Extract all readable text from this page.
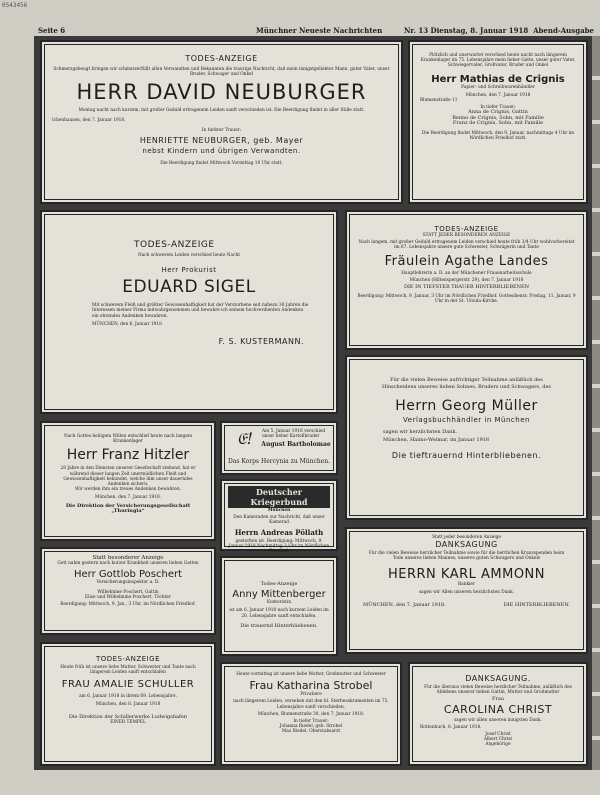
0543456
Seite 6	Münchner Neueste Nachrichten	Nr. 13 Dienstag, 8. Januar 1918 Abend-Ausgabe

TODES-ANZEIGE

Schmerzgebeugt bringen wir schmerzerfüllt allen Verwandten und Bekannten die traurige Nachricht, daß mein innigstgeliebter Mann, guter Vater, unser Bruder, Schwager und Onkel

HERR DAVID NEUBURGER

Montag nacht nach kurzem, mit großer Geduld ertragenem Leiden sanft verschieden ist. Die Beerdigung findet in aller Stille statt.

Ichenhausen, den 7. Januar 1918.

In tiefster Trauer:

HENRIETTE NEUBURGER, geb. Mayer

nebst Kindern und übrigen Verwandten.

Die Beerdigung findet Mittwoch Vormittag 10 Uhr statt.

Plötzlich und unerwartet verschied heute nacht nach längerem Krankenlager im 75. Lebensjahre mein lieber Gatte, unser guter Vater, Schwiegervater, Großvater, Bruder und Onkel

Herr Mathias de Crignis

Papier- und Schreibwarenhändler

München, den 7. Januar 1918

Blumenstraße 11

In tiefer Trauer:

Anna de Crignis, Gattin

Benno de Crignis, Sohn, mit Familie

Franz de Crignis, Sohn, mit Familie

Die Beerdigung findet Mittwoch, den 9. Januar, nachmittags 4 Uhr im Nördlichen Friedhof statt.

TODES-ANZEIGE

Nach schwerem Leiden verschied heute Nacht

Herr Prokurist

EDUARD SIGEL

Mit schwerem Fleiß und größter Gewissenhaftigkeit hat der Verstorbene seit nahezu 30 Jahren die Interessen meiner Firma mitwahrgenommen und bewahre ich seinem hochverdienten Andenken ein ehrendes Andenken bewahren.

MÜNCHEN, den 6. Januar 1918

F. S. KUSTERMANN.

TODES-ANZEIGE

STATT JEDER BESONDEREN ANZEIGE

Nach langem, mit großer Geduld ertragenem Leiden verschied heute früh 3/4 Uhr wohlvorbereitet im 67. Lebensjahre unsere gute Schwester, Schwägerin und Tante

Fräulein Agathe Landes

Hauptlehrerin a. D. an der Münchener Frauenarbeitsschule

München (Hiltenspergerstr. 29), den 7. Januar 1918

DIE IN TIEFSTER TRAUER HINTERBLIEBENEN

Beerdigung: Mittwoch, 9. Januar, 3 Uhr im Nördlichen Friedhof. Gottesdienst: Freitag, 11. Januar, 9 Uhr in der St. Ursula-Kirche.

Nach Gottes heiligem Willen entschlief heute nach langem Krankenlager

Herr Franz Hitzler

28 Jahre in den Diensten unserer Gesellschaft stehend, hat er während dieser langen Zeit unermüdlichen Fleiß und Gewissenhaftigkeit bekundet, welche ihm unser dauerndes Andenken sichern.

Wir werden ihm ein treues Andenken bewahren.

München, den 7. Januar 1918.

Die Direktion der Versicherungsgesellschaft

„Thuringia“

𝔈!	Am 5. Januar 1918 verschied unser lieber Kartellbruder

August Bartholomae

Das Korps Hercynia zu München.

Deutscher Kriegerbund

München

Den Kameraden zur Nachricht, daß unser Kamerad

Herrn Andreas Pöllath

gestorben ist. Beerdigung: Mittwoch, 9. Januar 1918 Nachmittag 3 Uhr im Nördlichen Friedhof.

Für die vielen Beweise aufrichtiger Teilnahme anläßlich des Hinscheidens unseres lieben Sohnes, Bruders und Schwagers, des

Herrn Georg Müller

Verlagsbuchhändler in München

sagen wir herzlichsten Dank.

München, Haimo-Weimar, im Januar 1918

Die tieftrauernd Hinterbliebenen.

Statt besonderer Anzeige

Gott nahm gestern nach kurzer Krankheit unseren lieben Gatten

Herr Gottlob Poschert

Versicherungsinspektor a. D.

Wilhelmine Poschert, Gattin

Elise und Wilhelmine Poschert, Töchter

Beerdigung: Mittwoch, 9. Jan., 3 Uhr, im Nördlichen Friedhof.

Todes-Anzeige

Anny Mittenberger

Kontoristin

ist am 6. Januar 1918 nach kurzem Leiden im 20. Lebensjahre sanft entschlafen.

Die trauernd Hinterbliebenen.

Statt jeder besonderen Anzeige

DANKSAGUNG

Für die vielen Beweise herzlicher Teilnahme sowie für die herrlichen Kranzspenden beim Tode unseres lieben Mannes, unseres guten Schwagers und Onkels

HERRN KARL AMMONN

Bankier

sagen wir Allen unseren herzlichsten Dank.

MÜNCHEN, den 7. Januar 1918.	DIE HINTERBLIEBENEN.

TODES-ANZEIGE

Heute früh ist unsere liebe Mutter, Schwester und Tante nach längerem Leiden sanft entschlafen

FRAU AMALIE SCHULLER

am 6. Januar 1918 in ihrem 69. Lebensjahre.

München, den 8. Januar 1918

Die Direktion der Schillerwerke Ludwigshafen

EINER TEMPEL

Heute vormittag ist unsere liebe Mutter, Großmutter und Schwester

Frau Katharina Strobel

Privatiere

nach längerem Leiden, versehen mit den hl. Sterbesakramenten im 72. Lebensjahre sanft verschieden.

München, Blumenstraße 30, den 7. Januar 1918.

In tiefer Trauer:

Johanna Riedel, geb. Strobel

Max Riedel, Oberstabsarzt

DANKSAGUNG.

Für die überaus vielen Beweise herzlicher Teilnahme, anläßlich des Ablebens unserer lieben Gattin, Mutter und Großmutter

Frau

CAROLINA CHRIST

sagen wir allen unseren innigsten Dank.

Rottenbuch, 8. Januar 1918.

Josef Christ

Albert Christ

Angehörige
